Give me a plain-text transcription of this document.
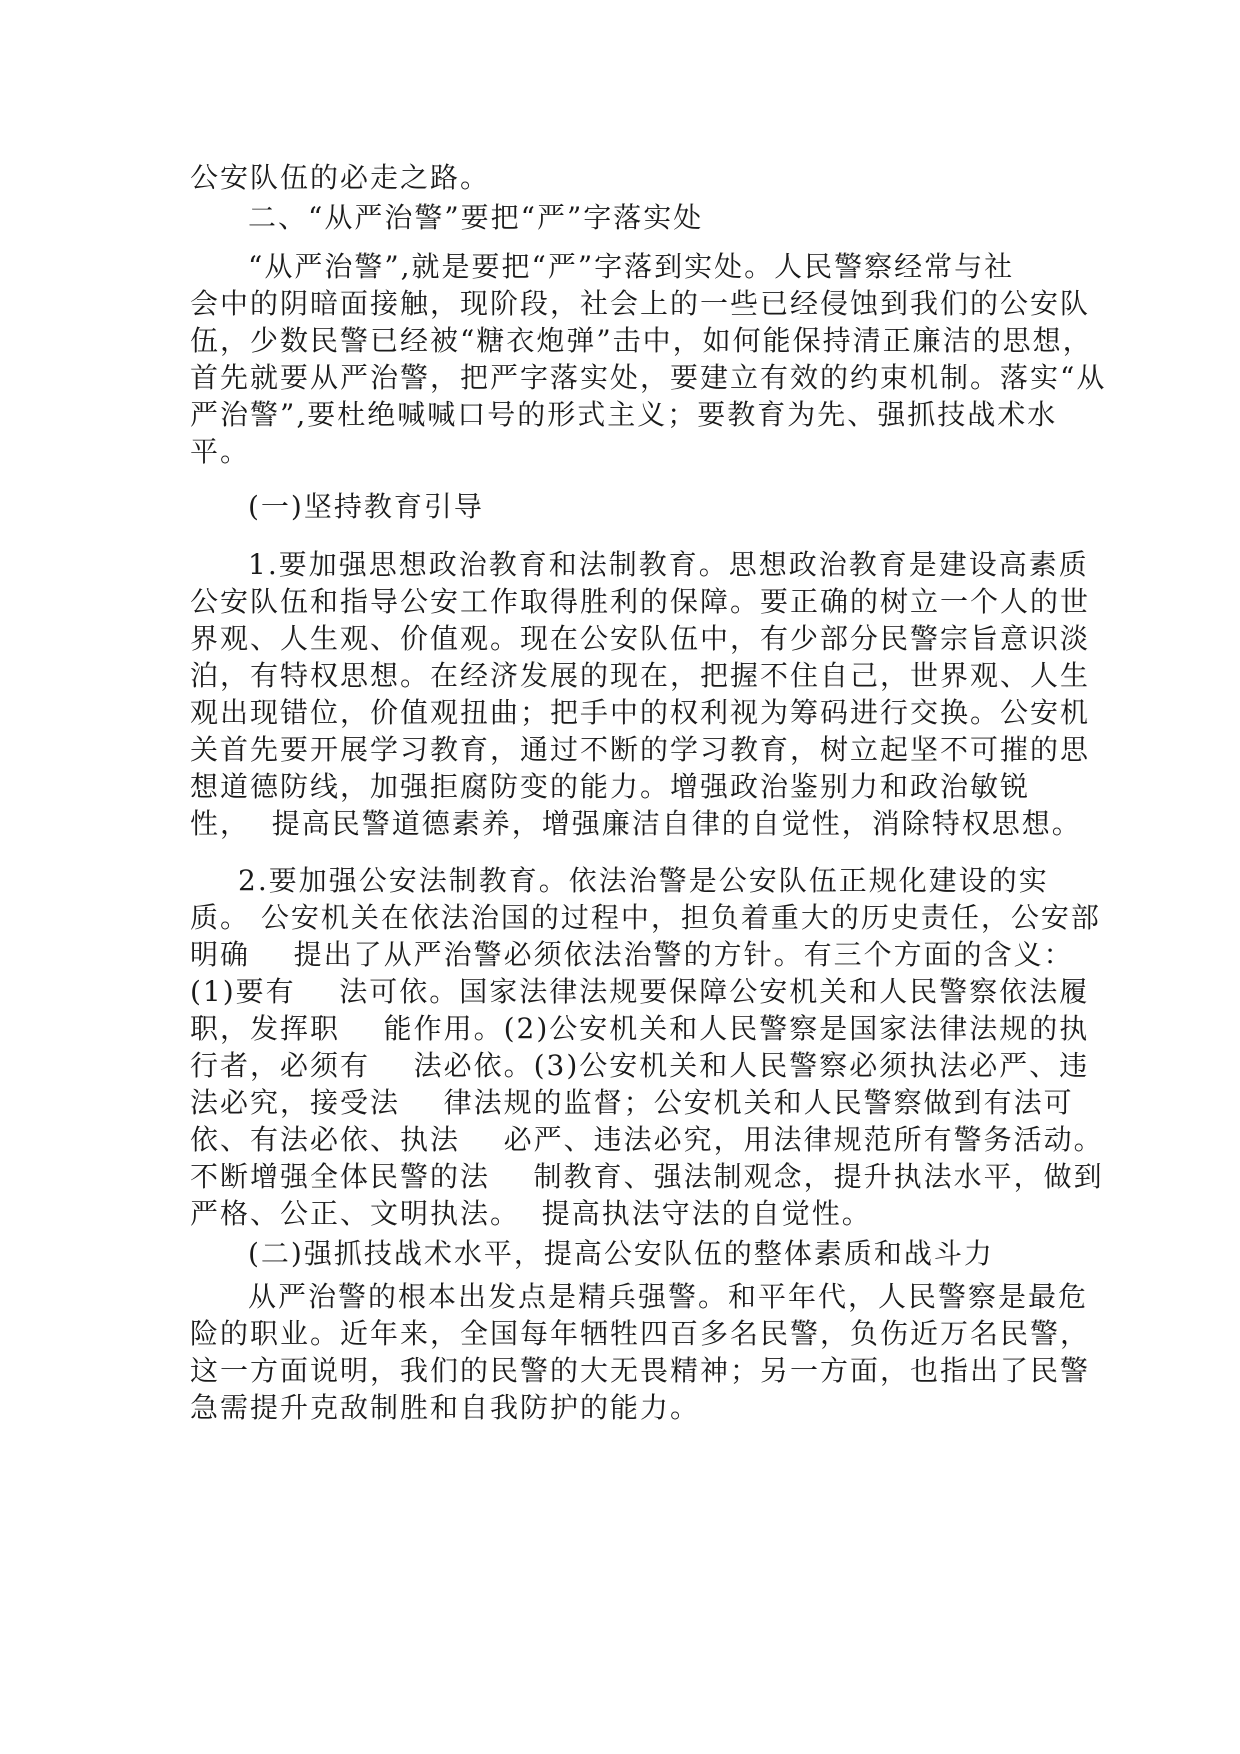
公安队伍的必走之路。
二、“从严治警”要把“严”字落实处
“从严治警”,就是要把“严”字落到实处。人民警察经常与社
会中的阴暗面接触，现阶段，社会上的一些已经侵蚀到我们的公安队
伍，少数民警已经被“糖衣炮弹”击中，如何能保持清正廉洁的思想，
首先就要从严治警，把严字落实处，要建立有效的约束机制。落实“从
严治警”,要杜绝喊喊口号的形式主义；要教育为先、强抓技战术水
平。
(一)坚持教育引导
1.要加强思想政治教育和法制教育。思想政治教育是建设高素质
公安队伍和指导公安工作取得胜利的保障。要正确的树立一个人的世
界观、人生观、价值观。现在公安队伍中，有少部分民警宗旨意识淡
泊，有特权思想。在经济发展的现在，把握不住自己，世界观、人生
观出现错位，价值观扭曲；把手中的权利视为筹码进行交换。公安机
关首先要开展学习教育，通过不断的学习教育，树立起坚不可摧的思
想道德防线，加强拒腐防变的能力。增强政治鉴别力和政治敏锐
性，  提高民警道德素养，增强廉洁自律的自觉性，消除特权思想。
2.要加强公安法制教育。依法治警是公安队伍正规化建设的实
质。 公安机关在依法治国的过程中，担负着重大的历史责任，公安部
明确    提出了从严治警必须依法治警的方针。有三个方面的含义：
(1)要有    法可依。国家法律法规要保障公安机关和人民警察依法履
职，发挥职    能作用。(2)公安机关和人民警察是国家法律法规的执
行者，必须有    法必依。(3)公安机关和人民警察必须执法必严、违
法必究，接受法    律法规的监督；公安机关和人民警察做到有法可
依、有法必依、执法    必严、违法必究，用法律规范所有警务活动。
不断增强全体民警的法    制教育、强法制观念，提升执法水平，做到
严格、公正、文明执法。  提高执法守法的自觉性。
(二)强抓技战术水平，提高公安队伍的整体素质和战斗力
从严治警的根本出发点是精兵强警。和平年代，人民警察是最危
险的职业。近年来，全国每年牺牲四百多名民警，负伤近万名民警，
这一方面说明，我们的民警的大无畏精神；另一方面，也指出了民警
急需提升克敌制胜和自我防护的能力。
